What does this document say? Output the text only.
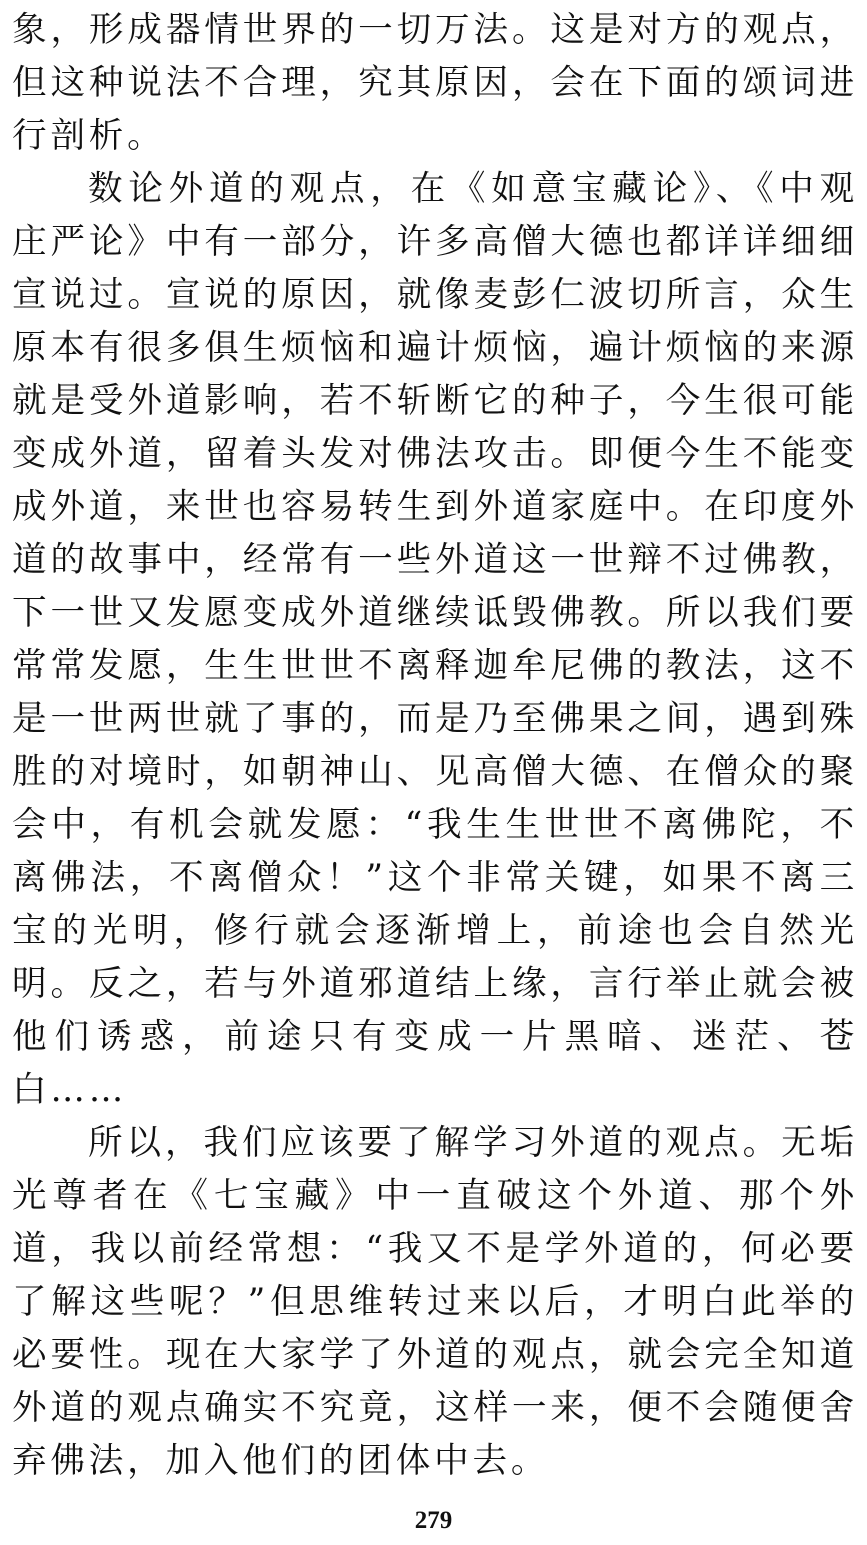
象，形成器情世界的一切万法。这是对方的观点，但这种说法不合理，究其原因，会在下面的颂词进行剖析。

数论外道的观点，在《如意宝藏论》、《中观庄严论》中有一部分，许多高僧大德也都详详细细宣说过。宣说的原因，就像麦彭仁波切所言，众生原本有很多俱生烦恼和遍计烦恼，遍计烦恼的来源就是受外道影响，若不斩断它的种子，今生很可能变成外道，留着头发对佛法攻击。即便今生不能变成外道，来世也容易转生到外道家庭中。在印度外道的故事中，经常有一些外道这一世辩不过佛教，下一世又发愿变成外道继续诋毁佛教。所以我们要常常发愿，生生世世不离释迦牟尼佛的教法，这不是一世两世就了事的，而是乃至佛果之间，遇到殊胜的对境时，如朝神山、见高僧大德、在僧众的聚会中，有机会就发愿：“我生生世世不离佛陀，不离佛法，不离僧众！”这个非常关键，如果不离三宝的光明，修行就会逐渐增上，前途也会自然光明。反之，若与外道邪道结上缘，言行举止就会被他们诱惑，前途只有变成一片黑暗、迷茫、苍白……

所以，我们应该要了解学习外道的观点。无垢光尊者在《七宝藏》中一直破这个外道、那个外道，我以前经常想：“我又不是学外道的，何必要了解这些呢？”但思维转过来以后，才明白此举的必要性。现在大家学了外道的观点，就会完全知道外道的观点确实不究竟，这样一来，便不会随便舍弃佛法，加入他们的团体中去。

279
